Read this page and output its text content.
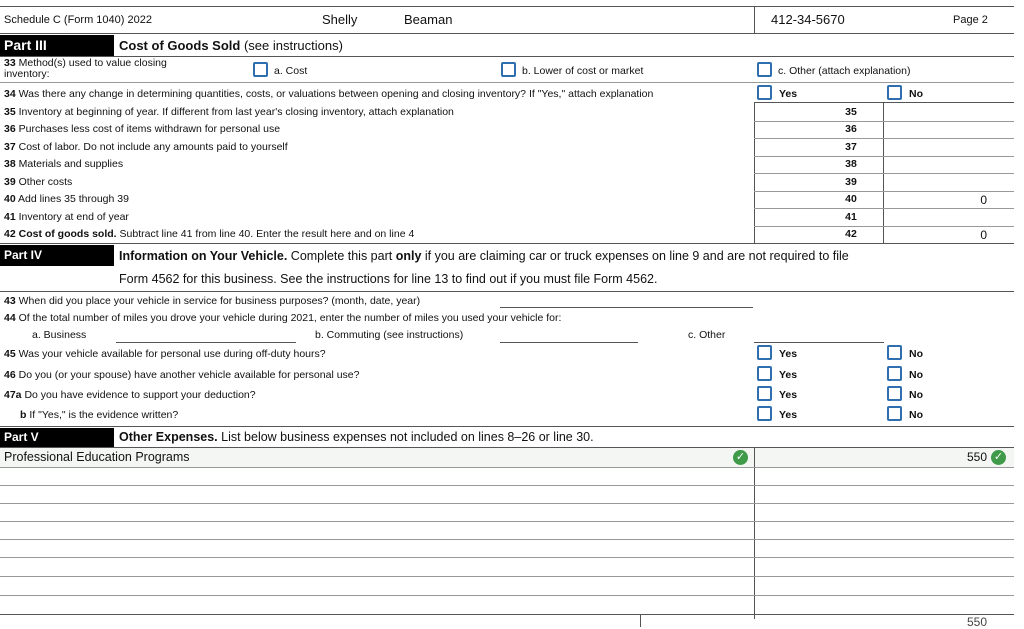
Schedule C (Form 1040) 2022	Shelly	Beaman	412-34-5670	Page 2
Part III	Cost of Goods Sold (see instructions)
33 Method(s) used to value closing
inventory:	a. Cost	b. Lower of cost or market	c. Other (attach explanation)
34 Was there any change in determining quantities, costs, or valuations between opening and closing inventory? If "Yes," attach explanation	Yes	No
35 Inventory at beginning of year. If different from last year's closing inventory, attach explanation	35
36 Purchases less cost of items withdrawn for personal use	36
37 Cost of labor. Do not include any amounts paid to yourself	37
38 Materials and supplies	38
39 Other costs	39
40 Add lines 35 through 39	40	0
41 Inventory at end of year	41
42 Cost of goods sold. Subtract line 41 from line 40. Enter the result here and on line 4	42	0
Part IV	Information on Your Vehicle. Complete this part only if you are claiming car or truck expenses on line 9 and are not required to file
Form 4562 for this business. See the instructions for line 13 to find out if you must file Form 4562.
43 When did you place your vehicle in service for business purposes? (month, date, year)
44 Of the total number of miles you drove your vehicle during 2021, enter the number of miles you used your vehicle for:
a. Business	b. Commuting (see instructions)	c. Other
45 Was your vehicle available for personal use during off-duty hours?	Yes	No
46 Do you (or your spouse) have another vehicle available for personal use?	Yes	No
47a Do you have evidence to support your deduction?	Yes	No
b If "Yes," is the evidence written?	Yes	No
Part V	Other Expenses. List below business expenses not included on lines 8–26 or line 30.
Professional Education Programs	✓	550 ✓
550
